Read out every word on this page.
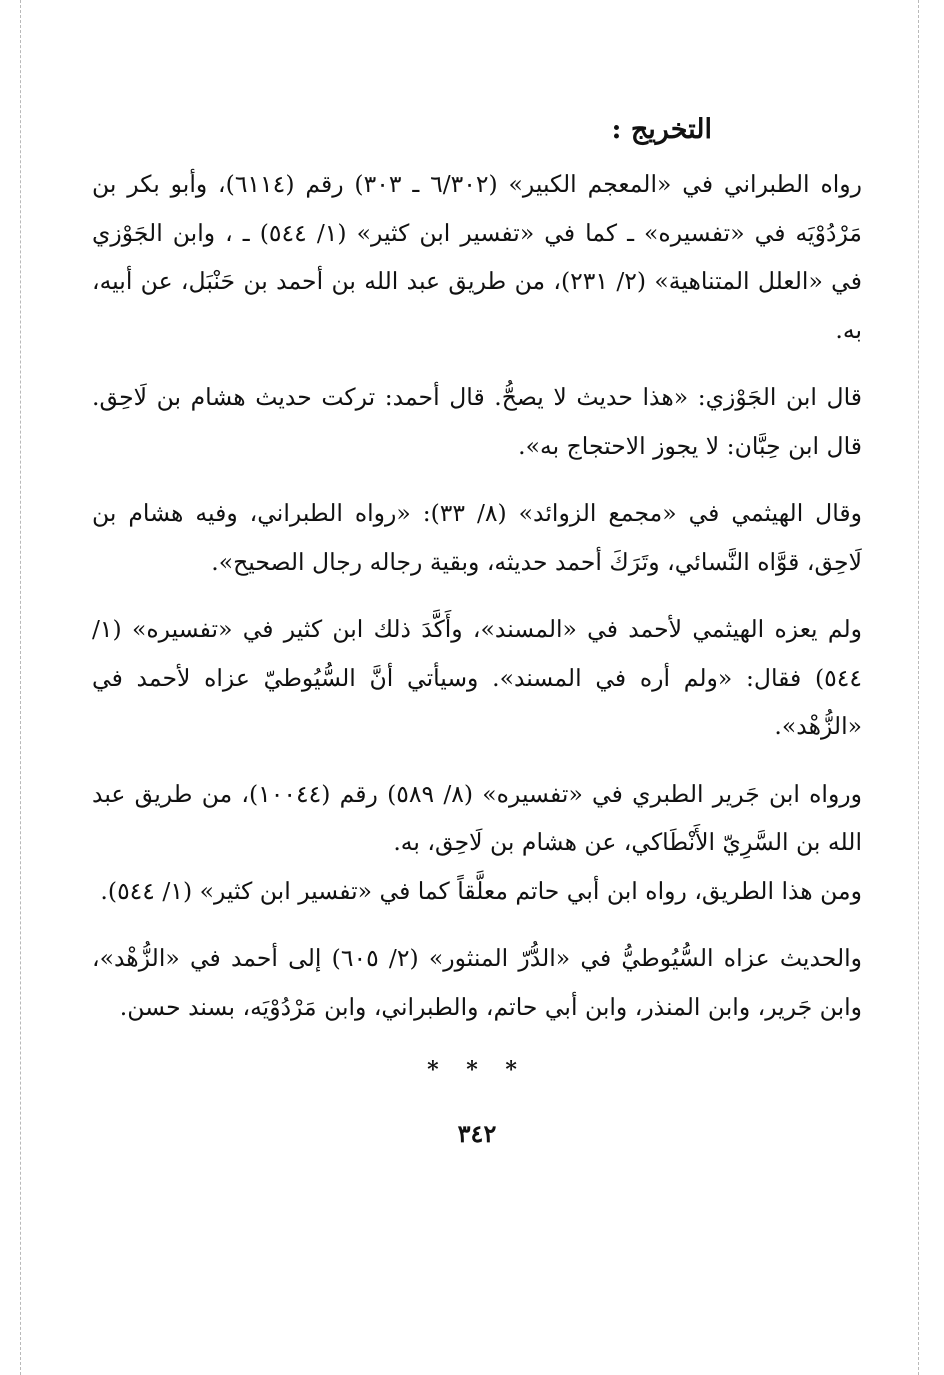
التخريج :

رواه الطبراني في «المعجم الكبير» (٦/٣٠٢ ـ ٣٠٣) رقم (٦١١٤)، وأبو بكر بن مَرْدُوْيَه في «تفسيره» ـ كما في «تفسير ابن كثير» (١/ ٥٤٤) ـ ، وابن الجَوْزي في «العلل المتناهية» (٢/ ٢٣١)، من طريق عبد الله بن أحمد بن حَنْبَل، عن أبيه، به.

قال ابن الجَوْزي: «هذا حديث لا يصحُّ. قال أحمد: تركت حديث هشام بن لَاحِق. قال ابن حِبَّان: لا يجوز الاحتجاج به».

وقال الهيثمي في «مجمع الزوائد» (٨/ ٣٣): «رواه الطبراني، وفيه هشام بن لَاحِق، قوَّاه النَّسائي، وتَرَكَ أحمد حديثه، وبقية رجاله رجال الصحيح».

ولم يعزه الهيثمي لأحمد في «المسند»، وأَكَّدَ ذلك ابن كثير في «تفسيره» (١/ ٥٤٤) فقال: «ولم أره في المسند». وسيأتي أنَّ السُّيُوطيّ عزاه لأحمد في «الزُّهْد».

ورواه ابن جَرير الطبري في «تفسيره» (٨/ ٥٨٩) رقم (١٠٠٤٤)، من طريق عبد الله بن السَّرِيّ الأَنْطَاكي، عن هشام بن لَاحِق، به.

ومن هذا الطريق، رواه ابن أبي حاتم معلَّقاً كما في «تفسير ابن كثير» (١/ ٥٤٤).

والحديث عزاه السُّيُوطيُّ في «الدُّرّ المنثور» (٢/ ٦٠٥) إلى أحمد في «الزُّهْد»، وابن جَرير، وابن المنذر، وابن أبي حاتم، والطبراني، وابن مَرْدُوْيَه، بسند حسن.

* * *
٣٤٢
